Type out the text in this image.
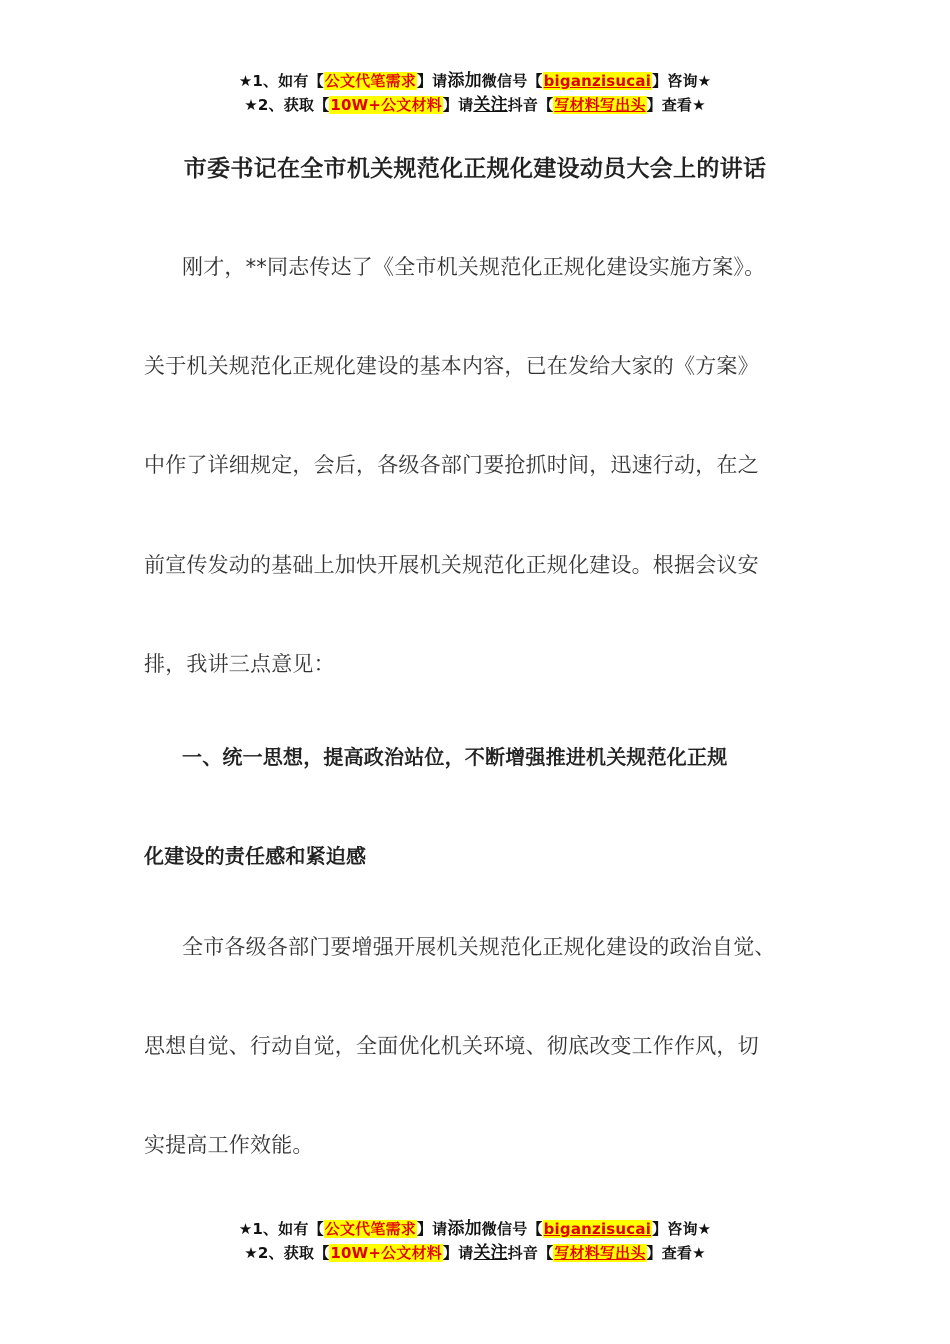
★1、如有【公文代笔需求】请添加微信号【biganzisucai】咨询★
★2、获取【10W+公文材料】请关注抖音【写材料写出头】查看★
市委书记在全市机关规范化正规化建设动员大会上的讲话
刚才，**同志传达了《全市机关规范化正规化建设实施方案》。
关于机关规范化正规化建设的基本内容，已在发给大家的《方案》
中作了详细规定，会后，各级各部门要抢抓时间，迅速行动，在之
前宣传发动的基础上加快开展机关规范化正规化建设。根据会议安
排，我讲三点意见：
一、统一思想，提高政治站位，不断增强推进机关规范化正规
化建设的责任感和紧迫感
全市各级各部门要增强开展机关规范化正规化建设的政治自觉、
思想自觉、行动自觉，全面优化机关环境、彻底改变工作作风，切
实提高工作效能。
★1、如有【公文代笔需求】请添加微信号【biganzisucai】咨询★
★2、获取【10W+公文材料】请关注抖音【写材料写出头】查看★
